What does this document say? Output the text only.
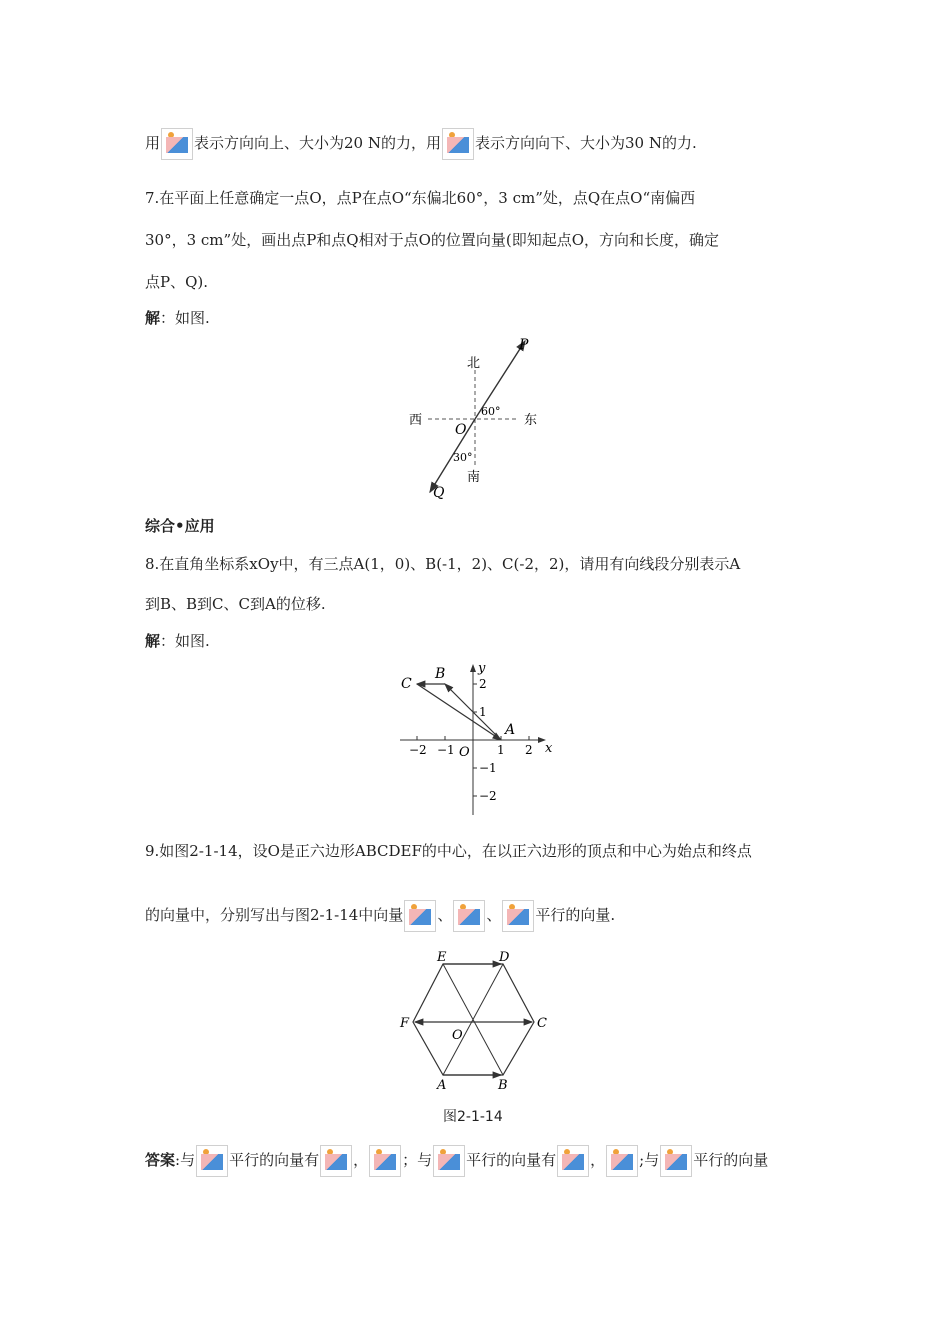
用 表示方向向上、大小为20 N的力，用 表示方向向下、大小为30 N的力.
7.在平面上任意确定一点O，点P在点O“东偏北60°，3 cm”处，点Q在点O“南偏西
30°，3 cm”处，画出点P和点Q相对于点O的位置向量(即知起点O，方向和长度，确定
点P、Q).
解：如图.
北
东
西
南
60°
30°
O
P
Q
综合•应用
8.在直角坐标系xOy中，有三点A(1，0)、B(-1，2)、C(-2，2)，请用有向线段分别表示A
到B、B到C、C到A的位移.
解：如图.
x
y
O
−2 −1	1 2
2
1
−1
−2
A
B
C
9.如图2-1-14，设O是正六边形ABCDEF的中心，在以正六边形的顶点和中心为始点和终点
的向量中，分别写出与图2-1-14中向量 、 、 平行的向量.
E	D
C
B
A
F
O
图2-1-14
答案:与 平行的向量有 ， ；与 平行的向量有 ， ;与 平行的向量
